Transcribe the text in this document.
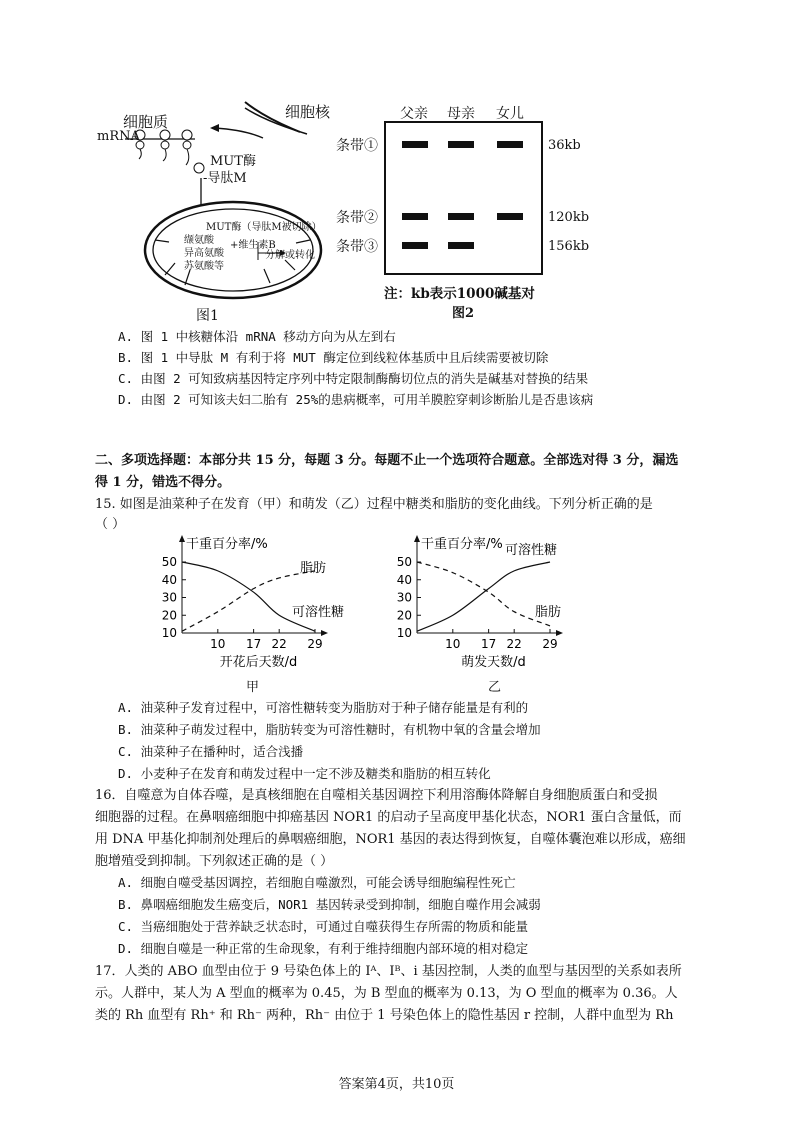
细胞质
细胞核
mRNA
MUT酶
-导肽M
MUT酶（导肽M被切除）
缬氨酸
异高氨酸
苏氨酸等
+维生素B
分解或转化
图1
父亲 母亲 女儿
条带①
条带②
条带③
36kb
120kb
156kb
注：kb表示1000碱基对
图2
A. 图 1 中核糖体沿 mRNA 移动方向为从左到右
B. 图 1 中导肽 M 有利于将 MUT 酶定位到线粒体基质中且后续需要被切除
C. 由图 2 可知致病基因特定序列中特定限制酶酶切位点的消失是碱基对替换的结果
D. 由图 2 可知该夫妇二胎有 25%的患病概率，可用羊膜腔穿刺诊断胎儿是否患该病
二、多项选择题：本部分共 15 分，每题 3 分。每题不止一个选项符合题意。全部选对得 3 分，漏选
得 1 分，错选不得分。
15. 如图是油菜种子在发育（甲）和萌发（乙）过程中糖类和脂肪的变化曲线。下列分析正确的是
（ ）
10
20
30
40
50
10 17 22 29
干重百分率/%
开花后天数/d
脂肪
可溶性糖
10
20
30
40
50
10 17 22 29
干重百分率/%
萌发天数/d
可溶性糖
脂肪
甲	乙
A. 油菜种子发育过程中，可溶性糖转变为脂肪对于种子储存能量是有利的
B. 油菜种子萌发过程中，脂肪转变为可溶性糖时，有机物中氧的含量会增加
C. 油菜种子在播种时，适合浅播
D. 小麦种子在发育和萌发过程中一定不涉及糖类和脂肪的相互转化
16．自噬意为自体吞噬，是真核细胞在自噬相关基因调控下利用溶酶体降解自身细胞质蛋白和受损
细胞器的过程。在鼻咽癌细胞中抑癌基因 NOR1 的启动子呈高度甲基化状态，NOR1 蛋白含量低，而
用 DNA 甲基化抑制剂处理后的鼻咽癌细胞，NOR1 基因的表达得到恢复，自噬体囊泡难以形成，癌细
胞增殖受到抑制。下列叙述正确的是（ ）
A. 细胞自噬受基因调控，若细胞自噬激烈，可能会诱导细胞编程性死亡
B. 鼻咽癌细胞发生癌变后，NOR1 基因转录受到抑制，细胞自噬作用会减弱
C. 当癌细胞处于营养缺乏状态时，可通过自噬获得生存所需的物质和能量
D. 细胞自噬是一种正常的生命现象，有利于维持细胞内部环境的相对稳定
17．人类的 ABO 血型由位于 9 号染色体上的 Iᴬ、Iᴮ、i 基因控制，人类的血型与基因型的关系如表所
示。人群中，某人为 A 型血的概率为 0.45，为 B 型血的概率为 0.13，为 O 型血的概率为 0.36。人
类的 Rh 血型有 Rh⁺ 和 Rh⁻ 两种，Rh⁻ 由位于 1 号染色体上的隐性基因 r 控制，人群中血型为 Rh
答案第4页，共10页
